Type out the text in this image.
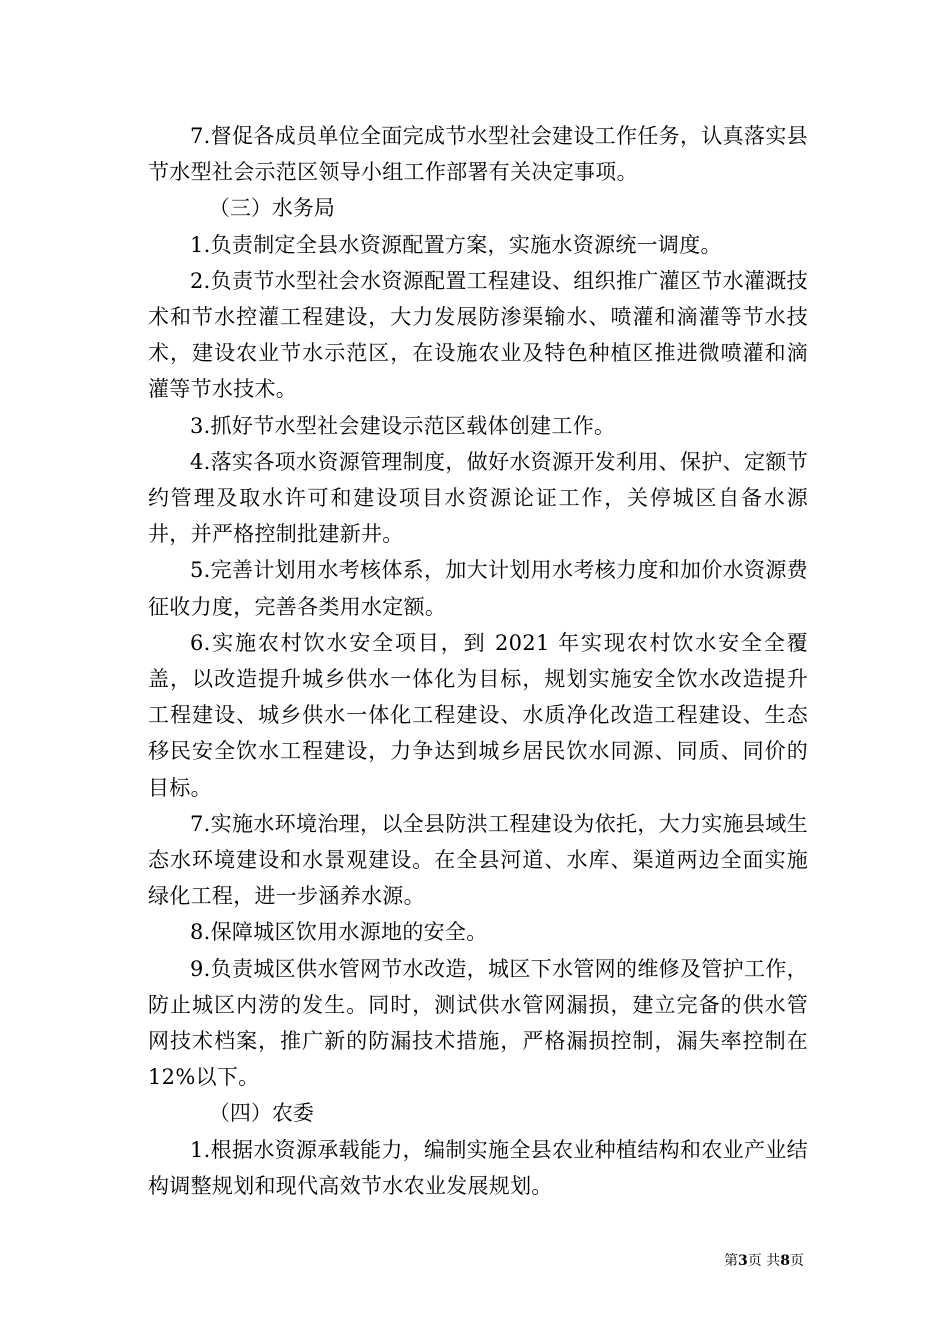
7.督促各成员单位全面完成节水型社会建设工作任务，认真落实县节水型社会示范区领导小组工作部署有关决定事项。

（三）水务局

1.负责制定全县水资源配置方案，实施水资源统一调度。

2.负责节水型社会水资源配置工程建设、组织推广灌区节水灌溉技术和节水控灌工程建设，大力发展防渗渠输水、喷灌和滴灌等节水技术，建设农业节水示范区，在设施农业及特色种植区推进微喷灌和滴灌等节水技术。

3.抓好节水型社会建设示范区载体创建工作。

4.落实各项水资源管理制度，做好水资源开发利用、保护、定额节约管理及取水许可和建设项目水资源论证工作，关停城区自备水源井，并严格控制批建新井。

5.完善计划用水考核体系，加大计划用水考核力度和加价水资源费征收力度，完善各类用水定额。

6.实施农村饮水安全项目，到 2021 年实现农村饮水安全全覆盖，以改造提升城乡供水一体化为目标，规划实施安全饮水改造提升工程建设、城乡供水一体化工程建设、水质净化改造工程建设、生态移民安全饮水工程建设，力争达到城乡居民饮水同源、同质、同价的目标。

7.实施水环境治理，以全县防洪工程建设为依托，大力实施县域生态水环境建设和水景观建设。在全县河道、水库、渠道两边全面实施绿化工程，进一步涵养水源。

8.保障城区饮用水源地的安全。

9.负责城区供水管网节水改造，城区下水管网的维修及管护工作，防止城区内涝的发生。同时，测试供水管网漏损，建立完备的供水管网技术档案，推广新的防漏技术措施，严格漏损控制，漏失率控制在 12%以下。

（四）农委

1.根据水资源承载能力，编制实施全县农业种植结构和农业产业结构调整规划和现代高效节水农业发展规划。

第3页 共8页
